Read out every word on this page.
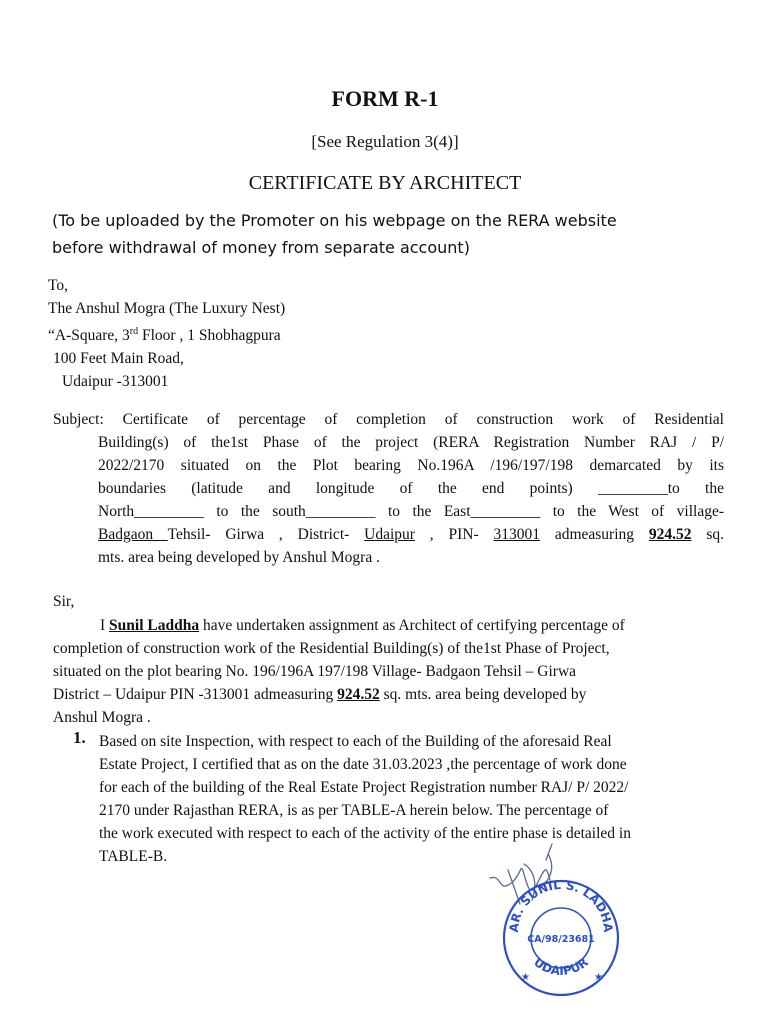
FORM R-1
[See Regulation 3(4)]
CERTIFICATE BY ARCHITECT
(To be uploaded by the Promoter on his webpage on the RERA website
before withdrawal of money from separate account)
To,
The Anshul Mogra (The Luxury Nest)
“A-Square, 3rd Floor , 1 Shobhagpura
100 Feet Main Road,
Udaipur -313001
Subject: Certificate of percentage of completion of construction work of Residential
Building(s) of the1st Phase of the project (RERA Registration Number RAJ / P/
2022/2170 situated on the Plot bearing No.196A /196/197/198 demarcated by its
boundaries (latitude and longitude of the end points) _________to the
North_________ to the south_________ to the East_________ to the West of village-
Badgaon Tehsil- Girwa , District- Udaipur , PIN- 313001 admeasuring 924.52 sq.
mts. area being developed by Anshul Mogra .
Sir,
I Sunil Laddha have undertaken assignment as Architect of certifying percentage of
completion of construction work of the Residential Building(s) of the1st Phase of Project,
situated on the plot bearing No. 196/196A 197/198 Village- Badgaon Tehsil – Girwa
District – Udaipur PIN -313001 admeasuring 924.52 sq. mts. area being developed by
Anshul Mogra .
1. Based on site Inspection, with respect to each of the Building of the aforesaid Real
Estate Project, I certified that as on the date 31.03.2023 ,the percentage of work done
for each of the building of the Real Estate Project Registration number RAJ/ P/ 2022/
2170 under Rajasthan RERA, is as per TABLE-A herein below. The percentage of
the work executed with respect to each of the activity of the entire phase is detailed in
TABLE-B.
AR. SUNIL S. LADHA
CA/98/23681
UDAIPUR
★	★
